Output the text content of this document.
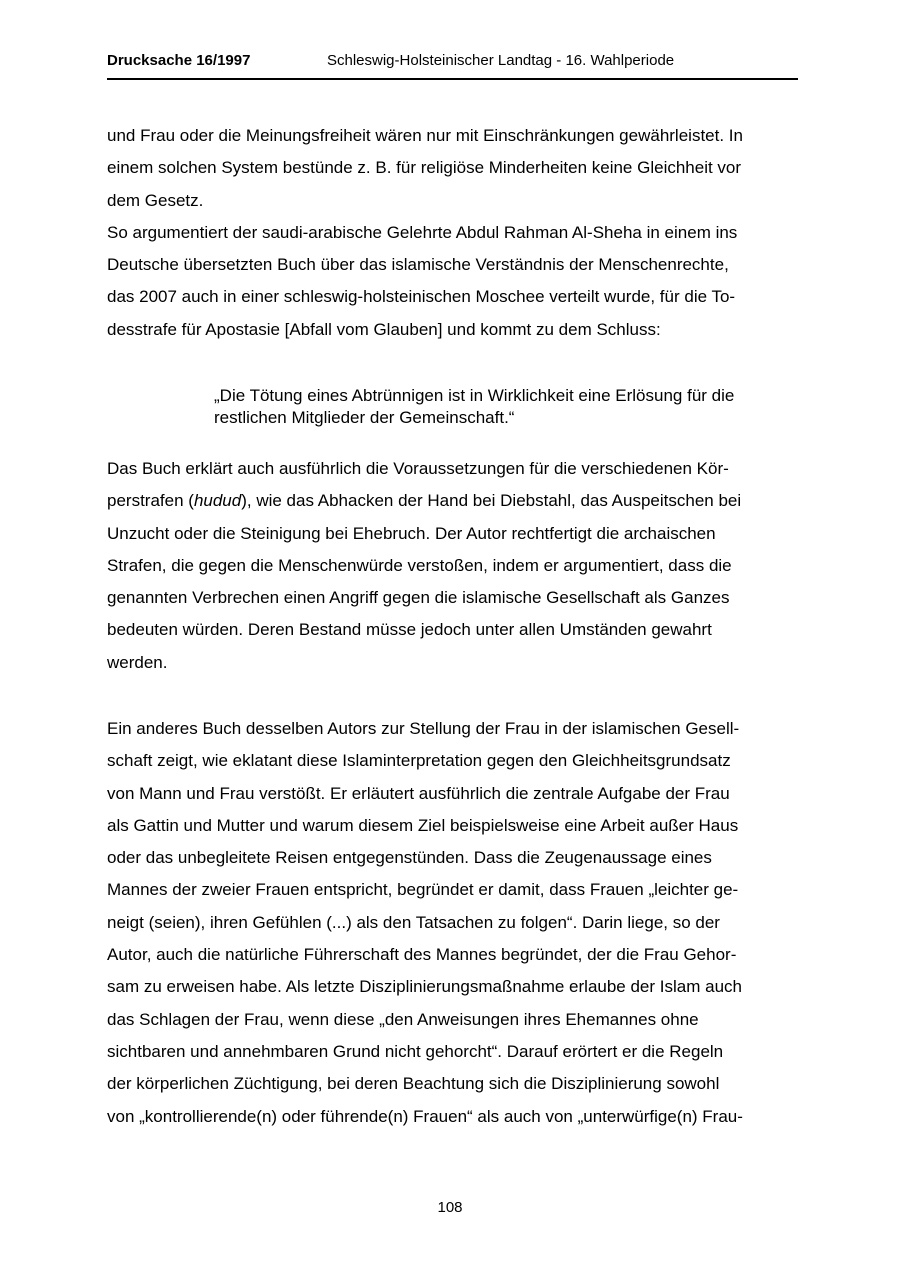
Drucksache 16/1997	Schleswig-Holsteinischer Landtag - 16. Wahlperiode
und Frau oder die Meinungsfreiheit wären nur mit Einschränkungen gewährleistet. In
einem solchen System bestünde z. B. für religiöse Minderheiten keine Gleichheit vor
dem Gesetz.
So argumentiert der saudi-arabische Gelehrte Abdul Rahman Al-Sheha in einem ins
Deutsche übersetzten Buch über das islamische Verständnis der Menschenrechte,
das 2007 auch in einer schleswig-holsteinischen Moschee verteilt wurde, für die To-
desstrafe für Apostasie [Abfall vom Glauben] und kommt zu dem Schluss:
„Die Tötung eines Abtrünnigen ist in Wirklichkeit eine Erlösung für die
restlichen Mitglieder der Gemeinschaft.“
Das Buch erklärt auch ausführlich die Voraussetzungen für die verschiedenen Kör-
perstrafen (hudud), wie das Abhacken der Hand bei Diebstahl, das Auspeitschen bei
Unzucht oder die Steinigung bei Ehebruch. Der Autor rechtfertigt die archaischen
Strafen, die gegen die Menschenwürde verstoßen, indem er argumentiert, dass die
genannten Verbrechen einen Angriff gegen die islamische Gesellschaft als Ganzes
bedeuten würden. Deren Bestand müsse jedoch unter allen Umständen gewahrt
werden.
Ein anderes Buch desselben Autors zur Stellung der Frau in der islamischen Gesell-
schaft zeigt, wie eklatant diese Islaminterpretation gegen den Gleichheitsgrundsatz
von Mann und Frau verstößt. Er erläutert ausführlich die zentrale Aufgabe der Frau
als Gattin und Mutter und warum diesem Ziel beispielsweise eine Arbeit außer Haus
oder das unbegleitete Reisen entgegenstünden. Dass die Zeugenaussage eines
Mannes der zweier Frauen entspricht, begründet er damit, dass Frauen „leichter ge-
neigt (seien), ihren Gefühlen (...) als den Tatsachen zu folgen“. Darin liege, so der
Autor, auch die natürliche Führerschaft des Mannes begründet, der die Frau Gehor-
sam zu erweisen habe. Als letzte Disziplinierungsmaßnahme erlaube der Islam auch
das Schlagen der Frau, wenn diese „den Anweisungen ihres Ehemannes ohne
sichtbaren und annehmbaren Grund nicht gehorcht“. Darauf erörtert er die Regeln
der körperlichen Züchtigung, bei deren Beachtung sich die Disziplinierung sowohl
von „kontrollierende(n) oder führende(n) Frauen“ als auch von „unterwürfige(n) Frau-
108
